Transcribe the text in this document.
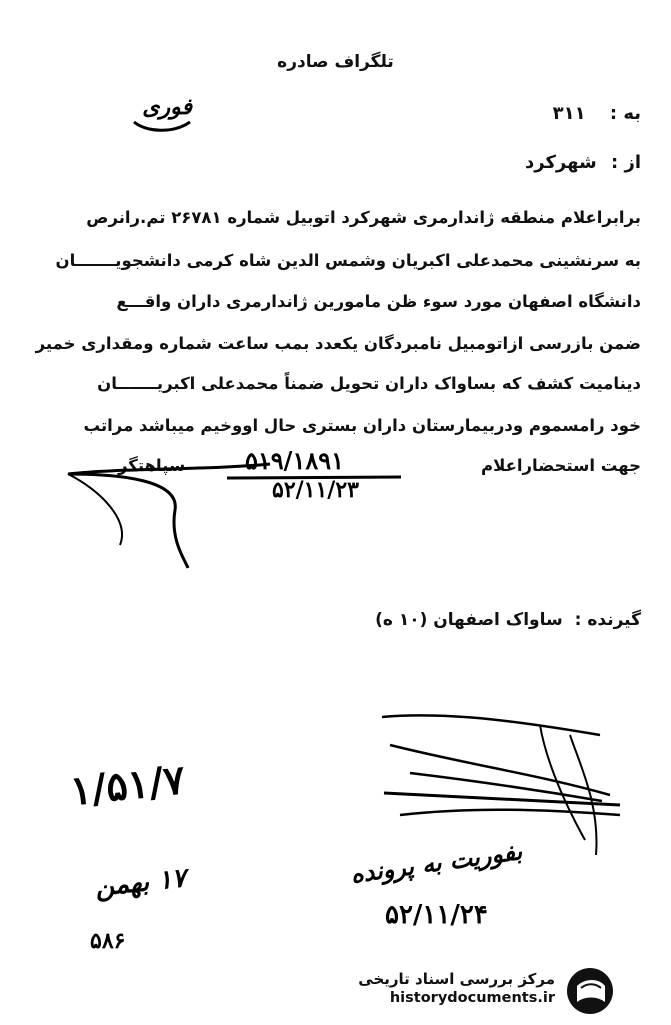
تلگراف صادره
فوری	به : ۳۱۱
از : شهرکرد
برابراعلام منطقه ژاندارمری شهرکرد اتوبیل شماره ۲۶۷۸۱ تم.رانرص
به سرنشینی محمدعلی اکبریان وشمس الدین شاه کرمی دانشجویـــــــان
دانشگاه اصفهان مورد سوء ظن مامورین ژاندارمری داران واقـــع
ضمن بازرسی ازاتومبیل نامبردگان یکعدد بمب ساعت شماره ومقداری خمیر
دینامیت کشف که بساواک داران تحویل ضمناً محمدعلی اکبریـــــــان
خود رامسموم ودربیمارستان داران بستری حال اووخیم میباشد مراتب
جهت استحضاراعلام
سپاهتگر ۵۱۹/۱۸۹۱
۵۲/۱۱/۲۳
گیرنده : ساواک اصفهان (۱۰ ه)
۱/۵۱/۷
۱۷ بهمن
۵۸۶
بفوریت به پرونده
۵۲/۱۱/۲۴
مرکز بررسی اسناد تاریخی
historydocuments.ir
